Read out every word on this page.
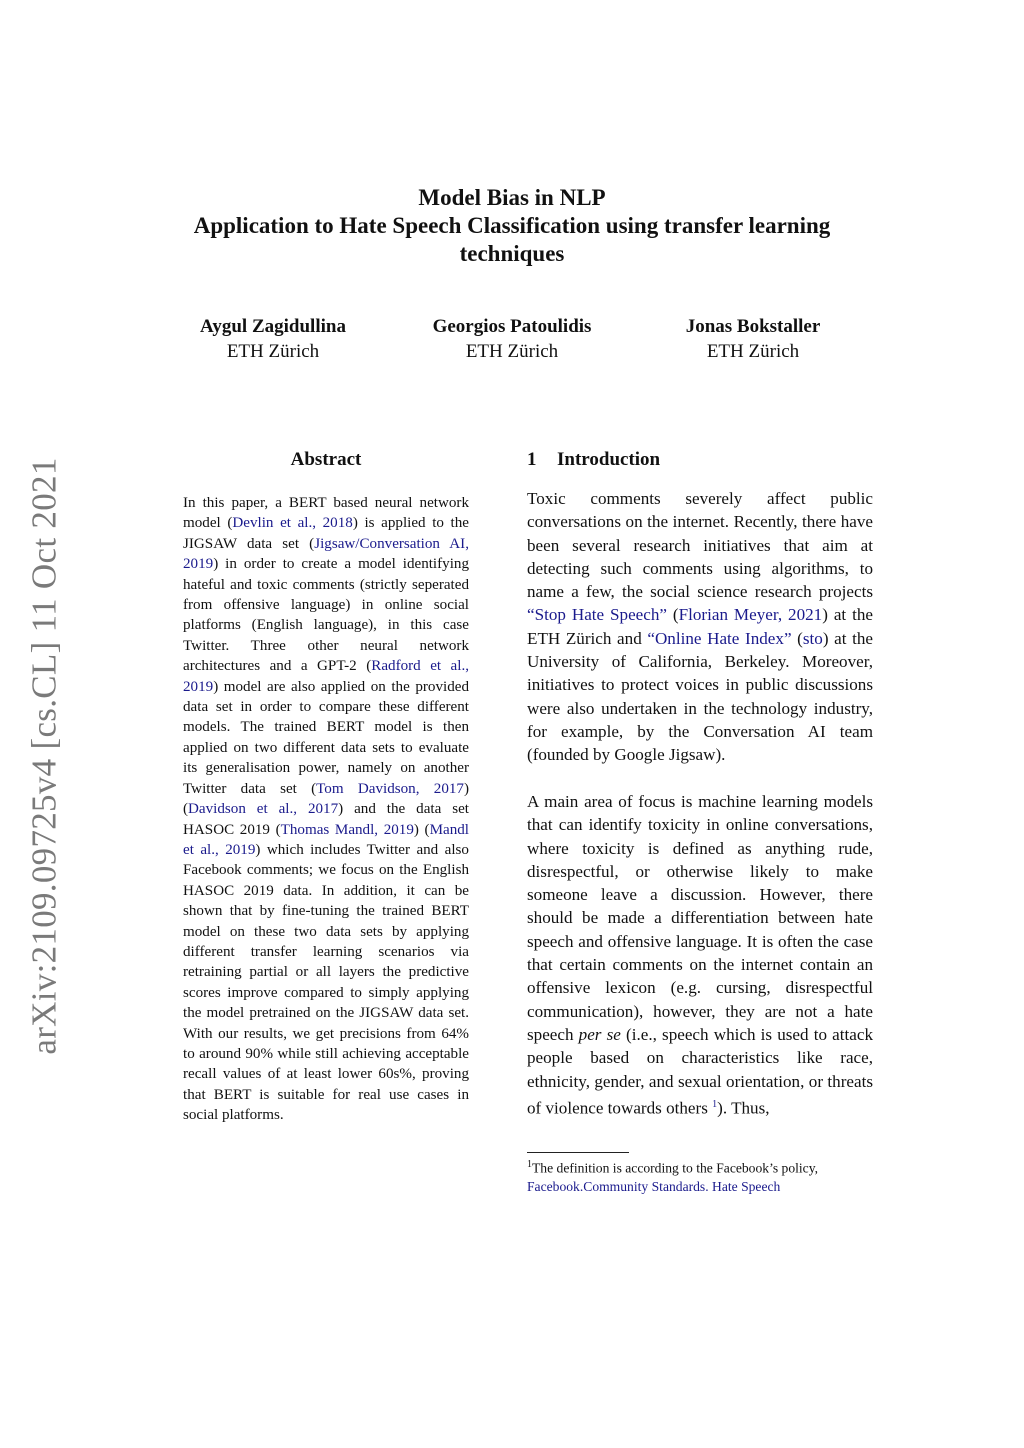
arXiv:2109.09725v4 [cs.CL] 11 Oct 2021
Model Bias in NLP
Application to Hate Speech Classification using transfer learning
techniques
Aygul Zagidullina
ETH Zürich
Georgios Patoulidis
ETH Zürich
Jonas Bokstaller
ETH Zürich
Abstract
In this paper, a BERT based neural network model (Devlin et al., 2018) is applied to the JIGSAW data set (Jigsaw/Conversation AI, 2019) in order to create a model identifying hateful and toxic comments (strictly seperated from offensive language) in online social platforms (English language), in this case Twitter. Three other neural network architectures and a GPT-2 (Radford et al., 2019) model are also applied on the provided data set in order to compare these different models. The trained BERT model is then applied on two different data sets to evaluate its generalisation power, namely on another Twitter data set (Tom Davidson, 2017) (Davidson et al., 2017) and the data set HASOC 2019 (Thomas Mandl, 2019) (Mandl et al., 2019) which includes Twitter and also Facebook comments; we focus on the English HASOC 2019 data. In addition, it can be shown that by fine-tuning the trained BERT model on these two data sets by applying different transfer learning scenarios via retraining partial or all layers the predictive scores improve compared to simply applying the model pretrained on the JIGSAW data set. With our results, we get precisions from 64% to around 90% while still achieving acceptable recall values of at least lower 60s%, proving that BERT is suitable for real use cases in social platforms.
1 Introduction
Toxic comments severely affect public conversations on the internet. Recently, there have been several research initiatives that aim at detecting such comments using algorithms, to name a few, the social science research projects “Stop Hate Speech” (Florian Meyer, 2021) at the ETH Zürich and “Online Hate Index” (sto) at the University of California, Berkeley. Moreover, initiatives to protect voices in public discussions were also undertaken in the technology industry, for example, by the Conversation AI team (founded by Google Jigsaw).
A main area of focus is machine learning models that can identify toxicity in online conversations, where toxicity is defined as anything rude, disrespectful, or otherwise likely to make someone leave a discussion. However, there should be made a differentiation between hate speech and offensive language. It is often the case that certain comments on the internet contain an offensive lexicon (e.g. cursing, disrespectful communication), however, they are not a hate speech per se (i.e., speech which is used to attack people based on characteristics like race, ethnicity, gender, and sexual orientation, or threats of violence towards others $^1$). Thus,
$^1$The definition is according to the Facebook’s policy,
Facebook.Community Standards. Hate Speech
